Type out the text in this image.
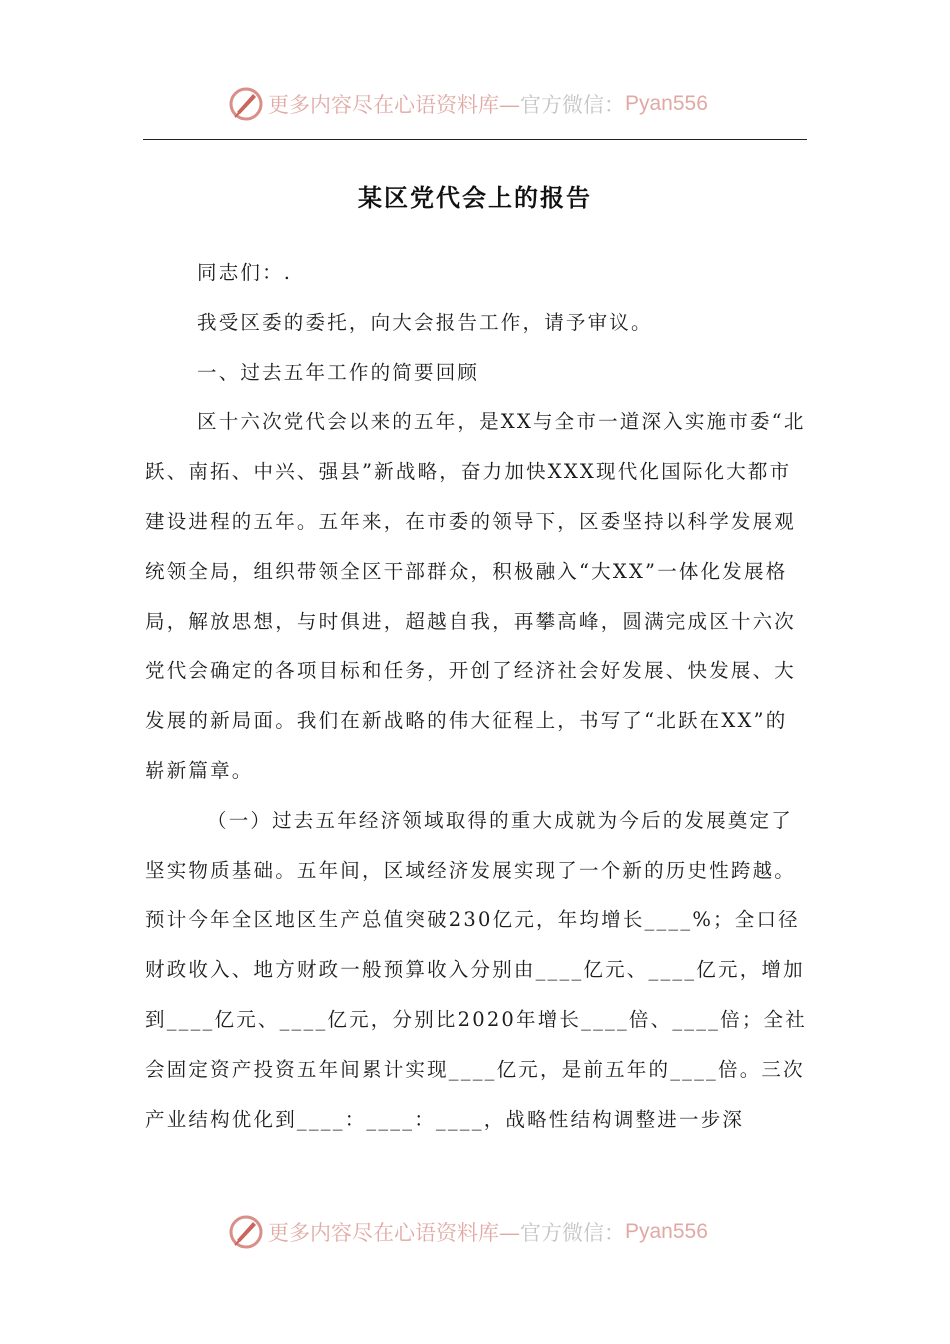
更多内容尽在心语资料库— 官方微信： Pyan556
某区党代会上的报告

同志们：.

我受区委的委托，向大会报告工作，请予审议。

一、过去五年工作的简要回顾

区十六次党代会以来的五年，是XX与全市一道深入实施市委“北跃、南拓、中兴、强县”新战略，奋力加快XXX现代化国际化大都市建设进程的五年。五年来，在市委的领导下，区委坚持以科学发展观统领全局，组织带领全区干部群众，积极融入“大XX”一体化发展格局，解放思想，与时俱进，超越自我，再攀高峰，圆满完成区十六次党代会确定的各项目标和任务，开创了经济社会好发展、快发展、大发展的新局面。我们在新战略的伟大征程上，书写了“北跃在XX”的崭新篇章。

（一）过去五年经济领域取得的重大成就为今后的发展奠定了坚实物质基础。五年间，区域经济发展实现了一个新的历史性跨越。预计今年全区地区生产总值突破230亿元，年均增长____%；全口径财政收入、地方财政一般预算收入分别由____亿元、____亿元，增加到____亿元、____亿元，分别比2020年增长____倍、____倍；全社会固定资产投资五年间累计实现____亿元，是前五年的____倍。三次产业结构优化到____：____：____，战略性结构调整进一步深

更多内容尽在心语资料库— 官方微信： Pyan556
